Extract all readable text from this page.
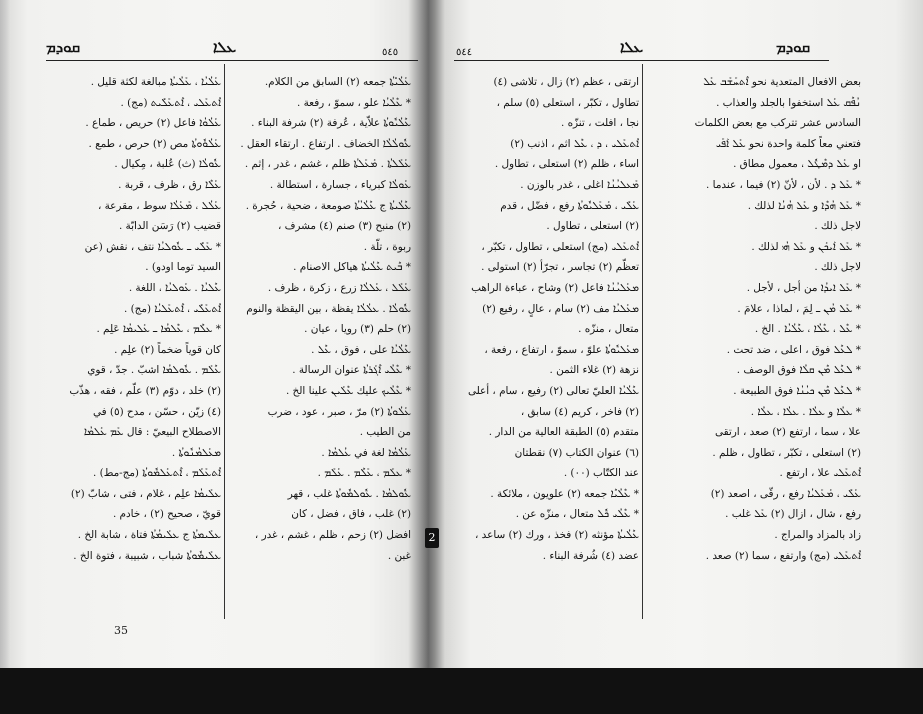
ܩܘܕܡ	ܥܠܐ	٥٤٥
ܥܰܠܳܝܺܬܳܐ جمعه (٢) السابق من الكلام.
* ܥܶܠܳܝܳܐ علو ، سموّ ، رفعة .
ܥܶܠܳܝܽܘܬܳܐ علاّية ، عُرفة (٢) شرفة البناء .
ܥܽܘܠܳܠܳܐ الخضاف . ارتفاع . ارتقاء العقل .
ܥܰܠܰܠܬܳܐ . ܡܰܥܰܠܬܳܐ ظلم ، غشم ، غدر ، إثم .
ܥܰܘܠܳܐ كبرياء ، جسارة ، استطالة .
ܥܶܠܳܝܬܳܐ ج ܥܶܠܳܝܳܬܳܐ صومعة ، ضحية ، حُجرة .
(٢) منبح (٣) صنم (٤) مشرف ،
ربوة ، تلّة .
* ܒܶܝܬ ܥܶܠܳܝܬܳܐ هياكل الاصنام .
ܥܰܠܰܠ ، ܥܰܠܠܳܐ زرع ، زكرة ، ظرف .
ܥܽܘܠܳܐ . ܥܠܳܠܳܐ يقظة ، بين اليقظة والنوم
(٢) حلم (٣) رويا ، عيان .
ܥܶܠܳܝܳܐ على ، فوق ، ܥܶܠ .
* ܥܶܠܳܝ ܐܶܓܰܪܬܳܐ عنوان الرسالة .
* ܥܶܠܳܝܟ عليك ܥܶܠܰܝܢ علينا الخ .
ܥܰܠܳܘܬܳܐ (٢) مرّ ، صبر ، عود ، ضرب
من الطيب .
ܥܰܠܳܡܳܐ لغة في ܥܳܠܡܳܐ .
* ܥܠܰܡ ، ܥܰܠܶܡ . ܥܰܠܰܡ .
ܥܽܘܠܡܳܐ . ܥܽܘܠܡܽܘܬܳܐ غلب ، قهر
(٢) غلب ، فاق ، فضل ، كان
افضل (٢) زحم ، ظلم ، غشم ، غدر ،
غبن .
ܥܰܠܳܝܳܐ ، ܥܰܠܳܝܬܳܐ مبالغة لكثة قليل .
ܐܶܬܥܰܠܝ ، ܐܶܬܥܰܠܺܝܬ (مج) .
ܥܰܠܳܘܳܐ فاعل (٢) حريص ، طماع .
ܥܰܠܳܘܽܘܬܳܐ مص (٢) حرص ، طمع .
ܥܽܘܠܳܐ (ث) عُلبة ، مِكيال .
ܥܰܠܶܐ رق ، ظرف ، قربة .
ܥܰܠܳܠ ، ܡܰܥܰܠܳܐ سوط ، مقرعة ،
قضيب (٢) رَسَن الدابّة .
* ܥܰܠܺܝ ـ ܥܽܘܠܝܳܐ نتف ، نقش (عن
السيد توما اودو) .
ܥܶܠܝܳܐ . ܥܰܘܠܝܳܐ ، اللغة .
ܐܶܬܥܰܠܺܝ ، ܐܶܬܥܰܠܝܳܐ (مج) .
* ܥܠܶܡ ، ܥܶܠܡܳܐ ـ ܥܰܠܝܡܳܐ عَلِم .
كان قوياً ضخماً (٢) علِم .
ܥܶܠܰܡ . ܥܽܘܠܡܳܐ اشبّ . جدّ ، قوي
(٢) خلد ، دوّم (٣) علّم ، فقه ، هذّب
(٤) زيّن ، حسّن ، مدح (٥) في
الاصطلاح البيعيّ : قال ܥܰܡ ܥܰܠܡܳܐ
ܡܥܰܠܡܳܢܽܘܬܳܐ .
ܐܶܬܥܰܠܰܡ ، ܐܶܬܥܰܠܡܽܘܬܳܐ (مج-مط) .
ܥܠܰܝܡܳܐ علِم ، غلام ، فتى ، شابّ (٢)
قويّ ، صحيح (٢) ، خادم .
ܥܠܰܝܡܬܳܐ ج ܥܠܰܝܡܳܬܳܐ فتاة ، شابة الخ .
ܥܠܰܝܡܽܘܬܳܐ شباب ، شبيبة ، فتوة الخ .
35
٥٤٤	ܥܠܐ	ܩܘܕܡ
بعض الافعال المتعدية نحو ܐܶܬܚܰܫܰܒ ܥܰܠ
ܢܳܦܶܩ ܥܰܠ استخفوا بالجلد والعذاب .
السادس عشر تتركب مع بعض الكلمات
فتعني معاً كلمة واحدة نحو ܥܰܠ ܐܰܦܰܝ
او ܥܰܠ ܕܡܶܛܽܠ ، معمول مطاق .
* ܥܰܠ ܕ . لأن ، لأنّ (٢) فيما ، عندما .
* ܥܰܠ ܗܳܕܶܐ و ܥܰܠ ܗܳܢܳܐ لذلك .
لاجل ذلك .
* ܥܰܠ ܐܰܝܟܰܢ و ܥܰܠ ܗܳܝ لذلك .
لاجل ذلك .
* ܥܰܠ ܐܝܕܳܐ من أجل ، لأجل .
* ܥܰܠ ܡܳܢ ـ لِمَ ، لماذا ، علامَ .
* ܥܶܠ ، ܥܶܠܳܐ ، ܥܶܠܳܝܳܐ . الخ .
* ܠܥܶܠ فوق ، اعلى ، ضد تحت .
* ܠܥܶܠ ܡܶܢ ܩܠܳܐ فوق الوصف .
* ܠܥܶܠ ܡܶܢ ܟܝܳܢܳܐ فوق الطبيعة .
* ܥܠܳܐ و ܥܠܳܐ . ܥܠܳܐ ، ܥܠܳܐ .
علا ، سما ، ارتفع (٢) صعد ، ارتقى
(٢) استعلى ، تكبّر ، تطاول ، ظلم .
ܐܶܬܥܰܠܝ علا ، ارتفع .
ܥܰܠܺܝ ، ܡܰܥܰܠܝܳܐ رفع ، رقّى ، اصعد (٢)
رفع ، شال ، ازال (٢) ܥܰܠ غلب .
زاد بالمزاد والمراج .
ܐܶܬܥܰܠܝ (مج) وارتفع ، سما (٢) صعد .
ارتقى ، عظم (٢) زال ، تلاشى (٤)
تطاول ، تكبّر ، استعلى (٥) سلم ،
نجا ، افلت ، تنزّه .
ܐܶܬܥܰܠܝ ، ܕ ، ܥܶܠ اثم ، اذنب (٢)
اساء ، ظلم (٢) استعلى ، تطاول .
ܡܰܥܠܝܳܢܳܐ اغلى ، غدر بالوزن .
ܥܰܠܺܝ ، ܡܰܥܰܠܝܽܘܬܳܐ رفع ، فضّل ، قدم
(٢) استعلى ، تطاول .
ܐܶܬܥܰܠܝ (مج) استعلى ، تطاول ، تكبّر ،
تعظّم (٢) تجاسر ، تجرّأ (٢) استولى .
ܡܥܰܠܝܳܢܳܐ فاعل (٢) وشاح ، عباءة الراهب
ܡܥܰܠܝܳܐ مف (٢) سام ، عالٍ ، رفيع (٢)
متعال ، منزّه .
ܡܥܰܠܝܽܘܬܳܐ علوّ ، سموّ ، ارتفاع ، رفعة ،
نزهة (٢) غلاء الثمن .
ܥܶܠܳܝܳܐ العليّ تعالى (٢) رفيع ، سام ، أعلى
(٢) فاخر ، كريم (٤) سابق ،
متقدم (٥) الطبقة العالية من الدار .
(٦) عنوان الكتاب (٧) نقطتان
عند الكتّاب (٠٠) .
* ܥܶܠܳܝܶܐ جمعه (٢) علويون ، ملائكة .
* ܥܶܠܳܝ ܟܽܠ متعال ، منزّه عن .
ܥܶܠܳܝܬܳܐ مؤنثه (٢) فخذ ، ورك (٢) ساعد ،
عضد (٤) شُرفة البناء .
2
